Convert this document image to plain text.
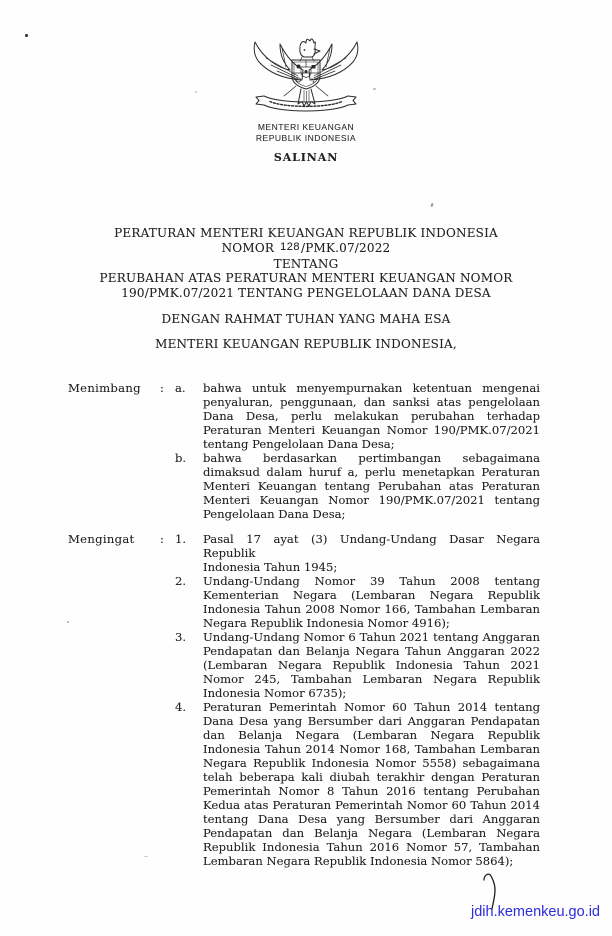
MENTERI KEUANGAN

REPUBLIK INDONESIA

SALINAN

PERATURAN MENTERI KEUANGAN REPUBLIK INDONESIA
NOMOR 128/PMK.07/2022
TENTANG
PERUBAHAN ATAS PERATURAN MENTERI KEUANGAN NOMOR
190/PMK.07/2021 TENTANG PENGELOLAAN DANA DESA
DENGAN RAHMAT TUHAN YANG MAHA ESA
MENTERI KEUANGAN REPUBLIK INDONESIA,
Menimbang	: a.	bahwa untuk menyempurnakan ketentuan mengenai
penyaluran, penggunaan, dan sanksi atas pengelolaan
Dana Desa, perlu melakukan perubahan terhadap
Peraturan Menteri Keuangan Nomor 190/PMK.07/2021
tentang Pengelolaan Dana Desa;
b.	bahwa berdasarkan pertimbangan sebagaimana
dimaksud dalam huruf a, perlu menetapkan Peraturan
Menteri Keuangan tentang Perubahan atas Peraturan
Menteri Keuangan Nomor 190/PMK.07/2021 tentang
Pengelolaan Dana Desa;
Mengingat	: 1.	Pasal 17 ayat (3) Undang-Undang Dasar Negara Republik
Indonesia Tahun 1945;
2.	Undang-Undang Nomor 39 Tahun 2008 tentang
Kementerian Negara (Lembaran Negara Republik
Indonesia Tahun 2008 Nomor 166, Tambahan Lembaran
Negara Republik Indonesia Nomor 4916);
3.	Undang-Undang Nomor 6 Tahun 2021 tentang Anggaran
Pendapatan dan Belanja Negara Tahun Anggaran 2022
(Lembaran Negara Republik Indonesia Tahun 2021
Nomor 245, Tambahan Lembaran Negara Republik
Indonesia Nomor 6735);
4.	Peraturan Pemerintah Nomor 60 Tahun 2014 tentang
Dana Desa yang Bersumber dari Anggaran Pendapatan
dan Belanja Negara (Lembaran Negara Republik
Indonesia Tahun 2014 Nomor 168, Tambahan Lembaran
Negara Republik Indonesia Nomor 5558) sebagaimana
telah beberapa kali diubah terakhir dengan Peraturan
Pemerintah Nomor 8 Tahun 2016 tentang Perubahan
Kedua atas Peraturan Pemerintah Nomor 60 Tahun 2014
tentang Dana Desa yang Bersumber dari Anggaran
Pendapatan dan Belanja Negara (Lembaran Negara
Republik Indonesia Tahun 2016 Nomor 57, Tambahan
Lembaran Negara Republik Indonesia Nomor 5864);
jdih.kemenkeu.go.id
